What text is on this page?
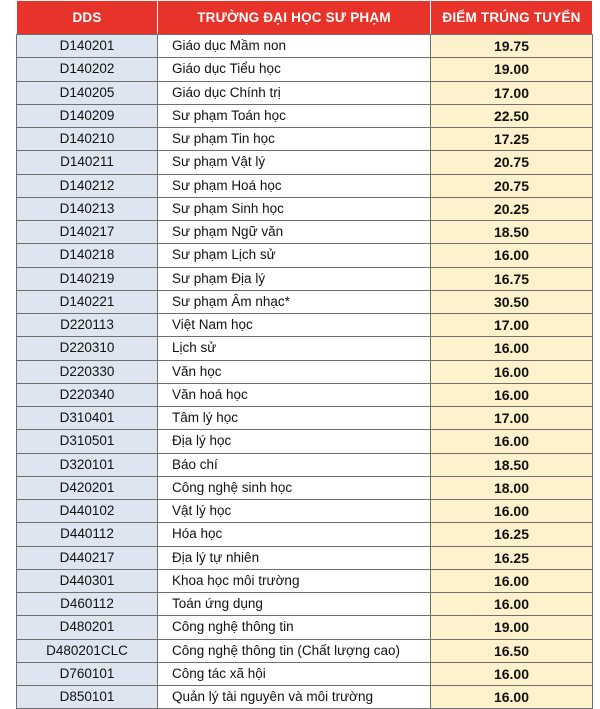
DDS	TRƯỜNG ĐẠI HỌC SƯ PHẠM	ĐIỂM TRÚNG TUYỂN
D140201	Giáo dục Mầm non	19.75
D140202	Giáo dục Tiểu học	19.00
D140205	Giáo dục Chính trị	17.00
D140209	Sư phạm Toán học	22.50
D140210	Sư phạm Tin học	17.25
D140211	Sư phạm Vật lý	20.75
D140212	Sư phạm Hoá học	20.75
D140213	Sư phạm Sinh học	20.25
D140217	Sư phạm Ngữ văn	18.50
D140218	Sư phạm Lịch sử	16.00
D140219	Sư phạm Địa lý	16.75
D140221	Sư phạm Âm nhạc*	30.50
D220113	Việt Nam học	17.00
D220310	Lịch sử	16.00
D220330	Văn học	16.00
D220340	Văn hoá học	16.00
D310401	Tâm lý học	17.00
D310501	Địa lý học	16.00
D320101	Báo chí	18.50
D420201	Công nghệ sinh học	18.00
D440102	Vật lý học	16.00
D440112	Hóa học	16.25
D440217	Địa lý tự nhiên	16.25
D440301	Khoa học môi trường	16.00
D460112	Toán ứng dụng	16.00
D480201	Công nghệ thông tin	19.00
D480201CLC	Công nghệ thông tin (Chất lượng cao)	16.50
D760101	Công tác xã hội	16.00
D850101	Quản lý tài nguyên và môi trường	16.00
